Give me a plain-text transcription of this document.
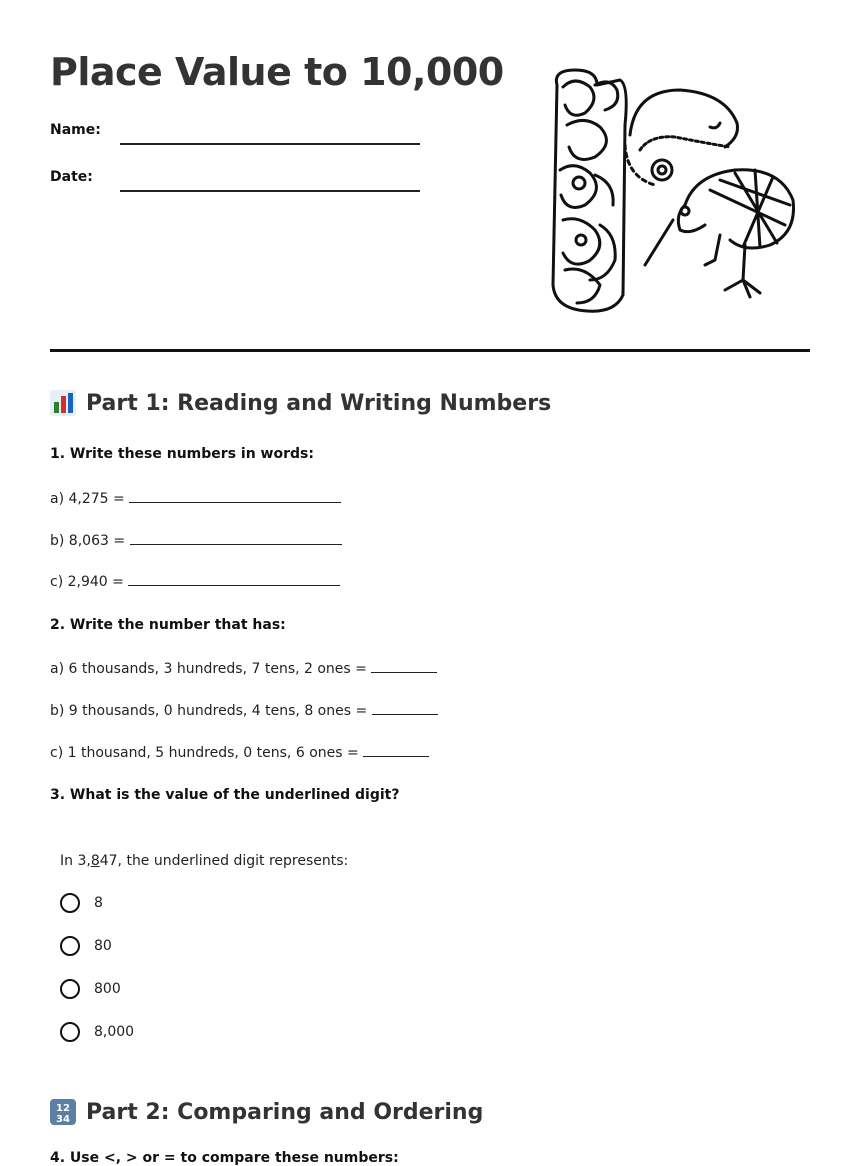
Place Value to 10,000
Name:
Date:
Part 1: Reading and Writing Numbers
1. Write these numbers in words:
a) 4,275 =
b) 8,063 =
c) 2,940 =
2. Write the number that has:
a) 6 thousands, 3 hundreds, 7 tens, 2 ones =
b) 9 thousands, 0 hundreds, 4 tens, 8 ones =
c) 1 thousand, 5 hundreds, 0 tens, 6 ones =
3. What is the value of the underlined digit?
In 3,847, the underlined digit represents:
8
80
800
8,000
12
34 Part 2: Comparing and Ordering
4. Use <, > or = to compare these numbers:
